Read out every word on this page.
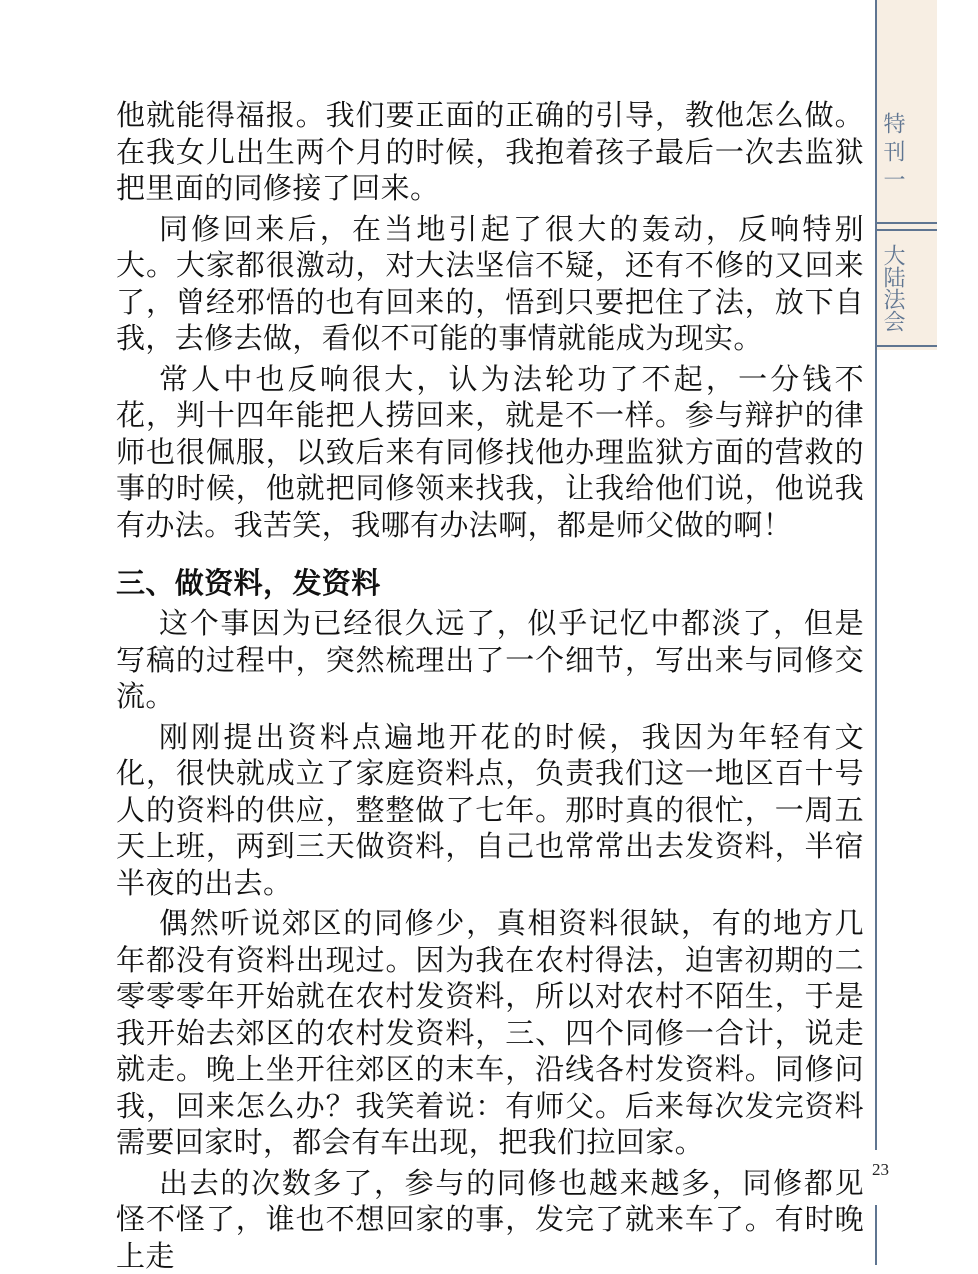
特刊一
大陆法会
23

他就能得福报。我们要正面的正确的引导，教他怎么做。在我女儿出生两个月的时候，我抱着孩子最后一次去监狱把里面的同修接了回来。

同修回来后，在当地引起了很大的轰动，反响特别大。大家都很激动，对大法坚信不疑，还有不修的又回来了，曾经邪悟的也有回来的，悟到只要把住了法，放下自我，去修去做，看似不可能的事情就能成为现实。

常人中也反响很大，认为法轮功了不起，一分钱不花，判十四年能把人捞回来，就是不一样。参与辩护的律师也很佩服，以致后来有同修找他办理监狱方面的营救的事的时候，他就把同修领来找我，让我给他们说，他说我有办法。我苦笑，我哪有办法啊，都是师父做的啊！

三、做资料，发资料

这个事因为已经很久远了，似乎记忆中都淡了，但是写稿的过程中，突然梳理出了一个细节，写出来与同修交流。

刚刚提出资料点遍地开花的时候，我因为年轻有文化，很快就成立了家庭资料点，负责我们这一地区百十号人的资料的供应，整整做了七年。那时真的很忙，一周五天上班，两到三天做资料，自己也常常出去发资料，半宿半夜的出去。

偶然听说郊区的同修少，真相资料很缺，有的地方几年都没有资料出现过。因为我在农村得法，迫害初期的二零零零年开始就在农村发资料，所以对农村不陌生，于是我开始去郊区的农村发资料，三、四个同修一合计，说走就走。晚上坐开往郊区的末车，沿线各村发资料。同修问我，回来怎么办？我笑着说：有师父。后来每次发完资料需要回家时，都会有车出现，把我们拉回家。

出去的次数多了，参与的同修也越来越多，同修都见怪不怪了，谁也不想回家的事，发完了就来车了。有时晚上走
